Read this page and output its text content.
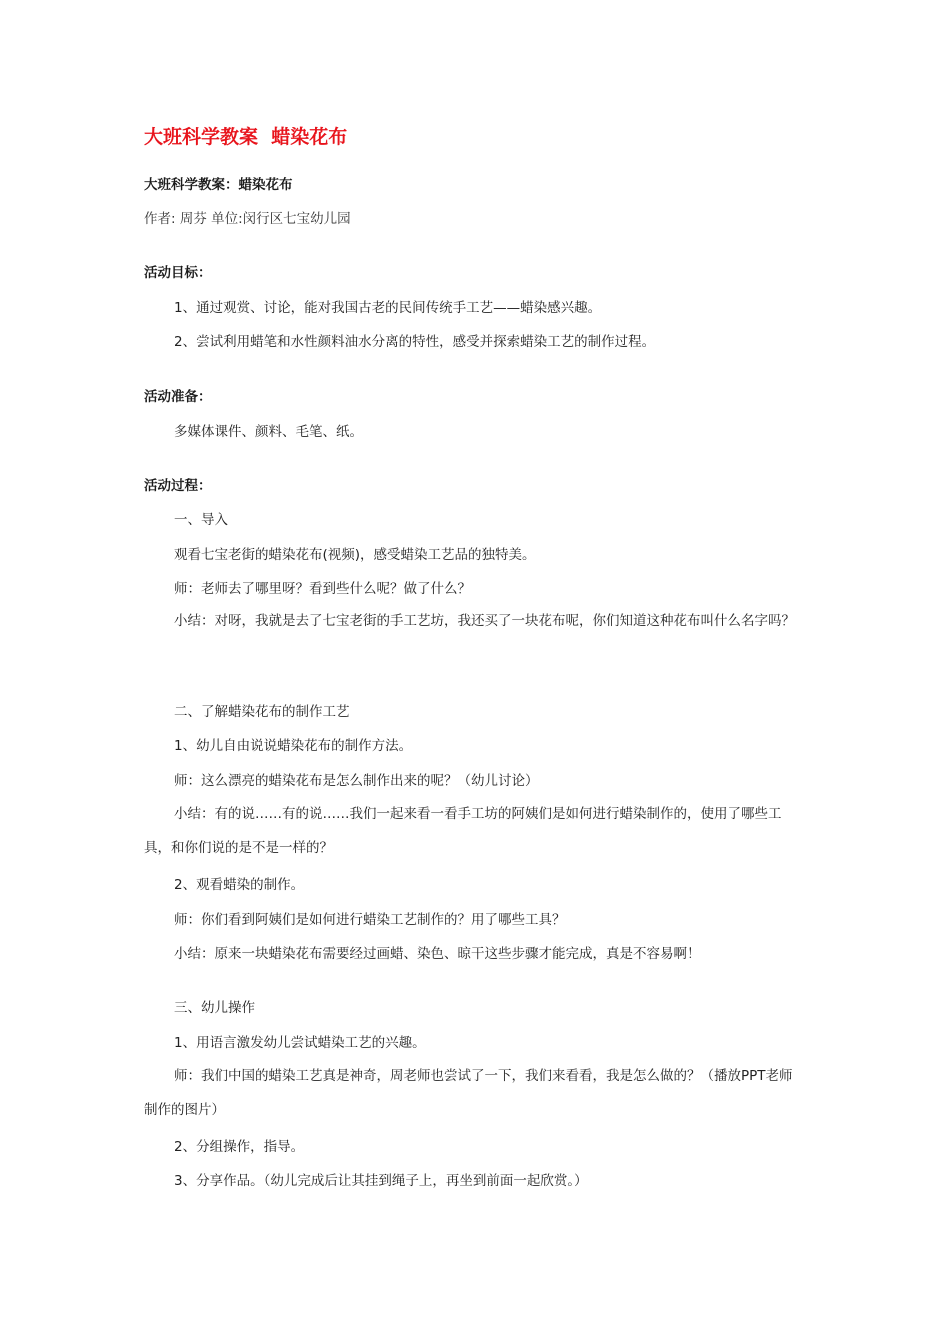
大班科学教案  蜡染花布
大班科学教案：蜡染花布
作者: 周芬 单位:闵行区七宝幼儿园
活动目标：
1、通过观赏、讨论，能对我国古老的民间传统手工艺——蜡染感兴趣。
2、尝试利用蜡笔和水性颜料油水分离的特性，感受并探索蜡染工艺的制作过程。
活动准备：
多媒体课件、颜料、毛笔、纸。
活动过程：
一、导入
观看七宝老街的蜡染花布(视频)，感受蜡染工艺品的独特美。
师：老师去了哪里呀？看到些什么呢？做了什么？
小结：对呀，我就是去了七宝老街的手工艺坊，我还买了一块花布呢，你们知道这种花布叫什么名字吗？
二、了解蜡染花布的制作工艺
1、幼儿自由说说蜡染花布的制作方法。
师：这么漂亮的蜡染花布是怎么制作出来的呢？（幼儿讨论）
小结：有的说……有的说……我们一起来看一看手工坊的阿姨们是如何进行蜡染制作的，使用了哪些工具，和你们说的是不是一样的？
2、观看蜡染的制作。
师：你们看到阿姨们是如何进行蜡染工艺制作的？用了哪些工具？
小结：原来一块蜡染花布需要经过画蜡、染色、晾干这些步骤才能完成，真是不容易啊！
三、幼儿操作
1、用语言激发幼儿尝试蜡染工艺的兴趣。
师：我们中国的蜡染工艺真是神奇，周老师也尝试了一下，我们来看看，我是怎么做的？（播放PPT老师制作的图片）
2、分组操作，指导。
3、分享作品。（幼儿完成后让其挂到绳子上，再坐到前面一起欣赏。）
